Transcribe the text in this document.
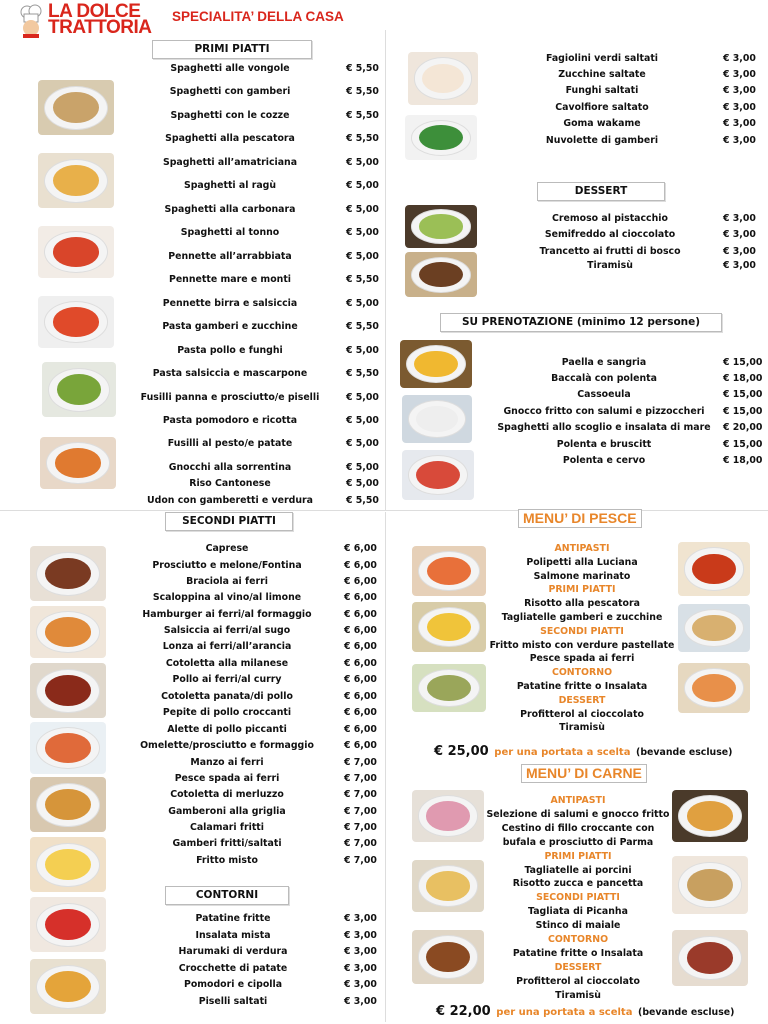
LA DOLCE
TRATTORIA
SPECIALITA’ DELLA CASA
PRIMI PIATTI
DESSERT
SU PRENOTAZIONE (minimo 12 persone)
SECONDI PIATTI
CONTORNI
Spaghetti alle vongole	€ 5,50
Spaghetti con gamberi	€ 5,50
Spaghetti con le cozze	€ 5,50
Spaghetti alla pescatora	€ 5,50
Spaghetti all’amatriciana	€ 5,00
Spaghetti al ragù	€ 5,00
Spaghetti alla carbonara	€ 5,00
Spaghetti al tonno	€ 5,00
Pennette all’arrabbiata	€ 5,00
Pennette mare e monti	€ 5,50
Pennette birra e salsiccia	€ 5,00
Pasta gamberi e zucchine	€ 5,50
Pasta pollo e funghi	€ 5,00
Pasta salsiccia e mascarpone	€ 5,50
Fusilli panna e prosciutto/e piselli	€ 5,00
Pasta pomodoro e ricotta	€ 5,00
Fusilli al pesto/e patate	€ 5,00
Gnocchi alla sorrentina	€ 5,00
Riso Cantonese	€ 5,00
Udon con gamberetti e verdura	€ 5,50
Fagiolini verdi saltati	€ 3,00
Zucchine saltate	€ 3,00
Funghi saltati	€ 3,00
Cavolfiore saltato	€ 3,00
Goma wakame	€ 3,00
Nuvolette di gamberi	€ 3,00
Cremoso al pistacchio	€ 3,00
Semifreddo al cioccolato	€ 3,00
Trancetto ai frutti di bosco	€ 3,00
Tiramisù	€ 3,00
Paella e sangria	€ 15,00
Baccalà con polenta	€ 18,00
Cassoeula	€ 15,00
Gnocco fritto con salumi e pizzoccheri	€ 15,00
Spaghetti allo scoglio e insalata di mare	€ 20,00
Polenta e bruscitt	€ 15,00
Polenta e cervo	€ 18,00
Caprese	€ 6,00
Prosciutto e melone/Fontina	€ 6,00
Braciola ai ferri	€ 6,00
Scaloppina al vino/al limone	€ 6,00
Hamburger ai ferri/al formaggio	€ 6,00
Salsiccia ai ferri/al sugo	€ 6,00
Lonza ai ferri/all’arancia	€ 6,00
Cotoletta alla milanese	€ 6,00
Pollo ai ferri/al curry	€ 6,00
Cotoletta panata/di pollo	€ 6,00
Pepite di pollo croccanti	€ 6,00
Alette di pollo piccanti	€ 6,00
Omelette/prosciutto e formaggio	€ 6,00
Manzo ai ferri	€ 7,00
Pesce spada ai ferri	€ 7,00
Cotoletta di merluzzo	€ 7,00
Gamberoni alla griglia	€ 7,00
Calamari fritti	€ 7,00
Gamberi fritti/saltati	€ 7,00
Fritto misto	€ 7,00
Patatine fritte	€ 3,00
Insalata mista	€ 3,00
Harumaki di verdura	€ 3,00
Crocchette di patate	€ 3,00
Pomodori e cipolla	€ 3,00
Piselli saltati	€ 3,00
ANTIPASTI
Polipetti alla Luciana
Salmone marinato
PRIMI PIATTI
Risotto alla pescatora
Tagliatelle gamberi e zucchine
SECONDI PIATTI
Fritto misto con verdure pastellate
Pesce spada ai ferri
CONTORNO
Patatine fritte o Insalata
DESSERT
Profitterol al cioccolato
Tiramisù
ANTIPASTI
Selezione di salumi e gnocco fritto
Cestino di fillo croccante con
bufala e prosciutto di Parma
PRIMI PIATTI
Tagliatelle ai porcini
Risotto zucca e pancetta
SECONDI PIATTI
Tagliata di Picanha
Stinco di maiale
CONTORNO
Patatine fritte o Insalata
DESSERT
Profitterol al cioccolato
Tiramisù
MENU’ DI PESCE
MENU’ DI CARNE
€ 25,00 per una portata a scelta (bevande escluse)
€ 22,00 per una portata a scelta (bevande escluse)
